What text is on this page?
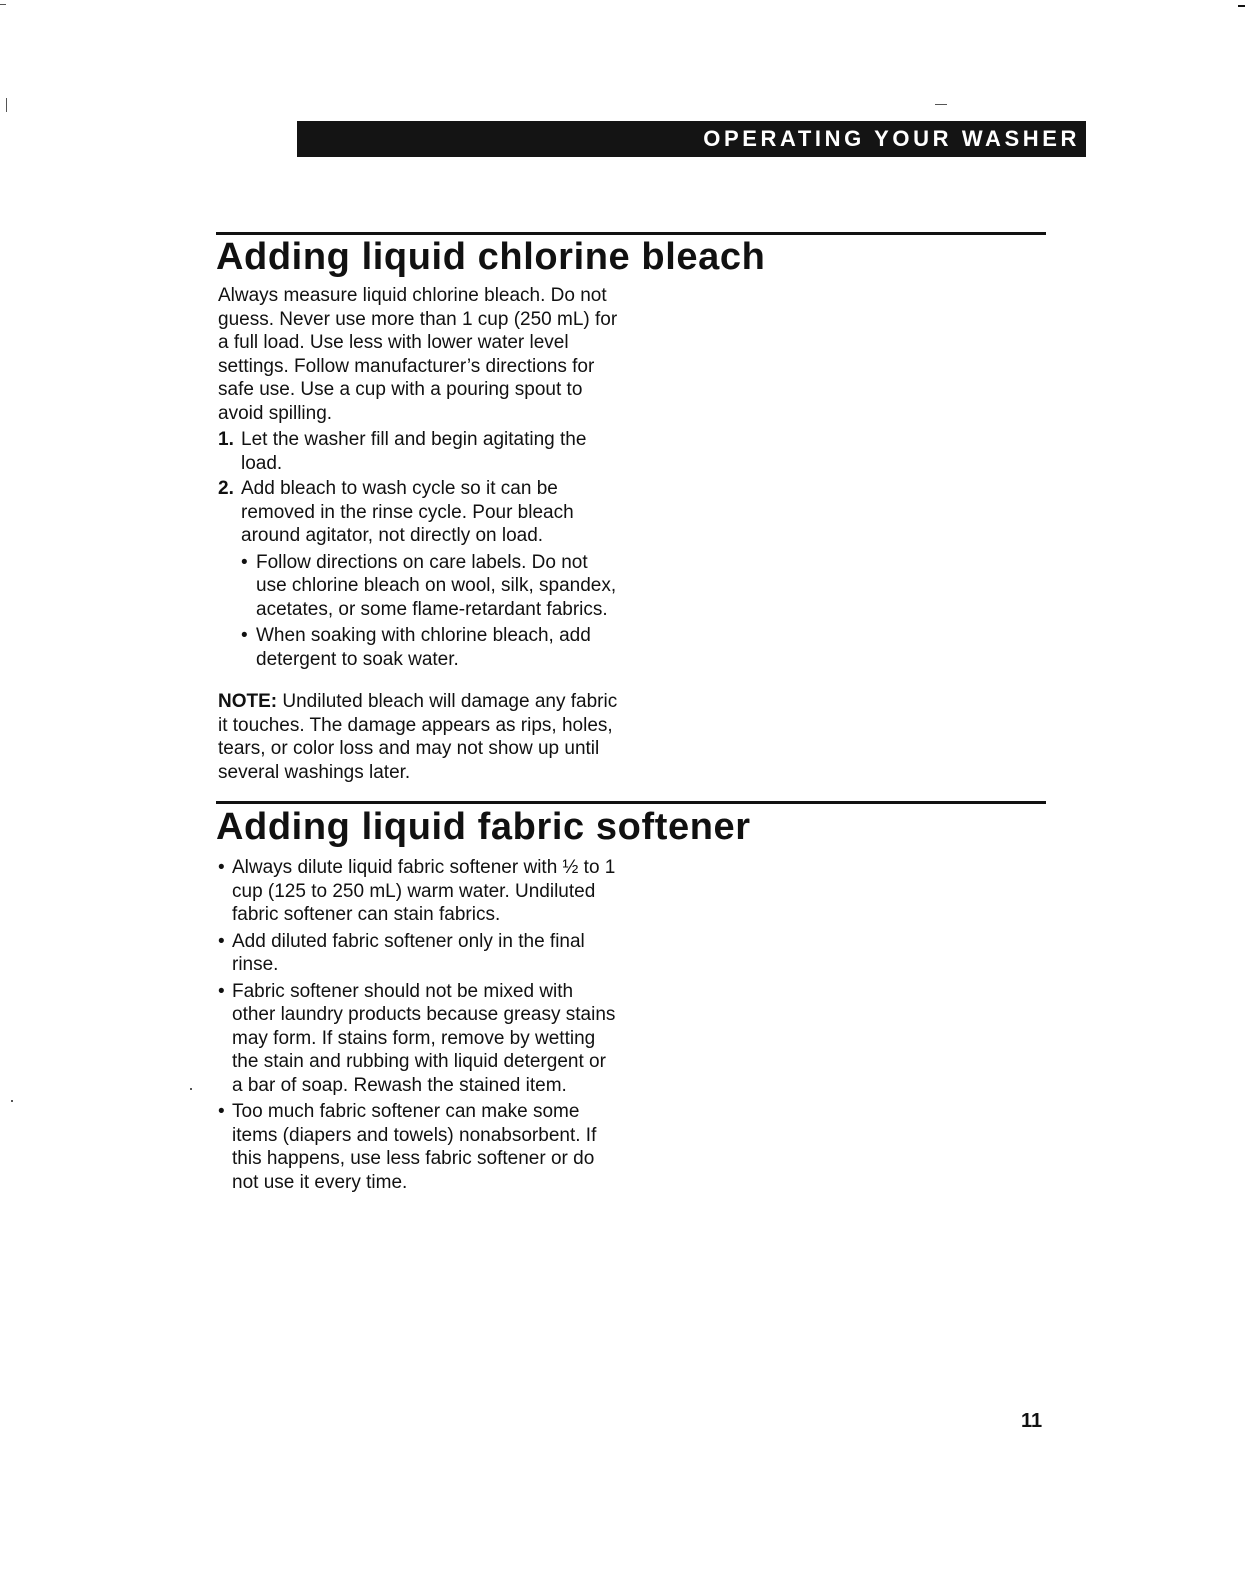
OPERATING YOUR WASHER
Adding liquid chlorine bleach

Always measure liquid chlorine bleach. Do not guess. Never use more than 1 cup (250 mL) for a full load. Use less with lower water level settings. Follow manufacturer’s directions for safe use. Use a cup with a pouring spout to avoid spilling.

1. Let the washer fill and begin agitating the load.
2. Add bleach to wash cycle so it can be removed in the rinse cycle. Pour bleach around agitator, not directly on load.
• Follow directions on care labels. Do not use chlorine bleach on wool, silk, spandex, acetates, or some flame-retardant fabrics.
• When soaking with chlorine bleach, add detergent to soak water.

NOTE: Undiluted bleach will damage any fabric it touches. The damage appears as rips, holes, tears, or color loss and may not show up until several washings later.

Adding liquid fabric softener
• Always dilute liquid fabric softener with ½ to 1 cup (125 to 250 mL) warm water. Undiluted fabric softener can stain fabrics.
• Add diluted fabric softener only in the final rinse.
• Fabric softener should not be mixed with other laundry products because greasy stains may form. If stains form, remove by wetting the stain and rubbing with liquid detergent or a bar of soap. Rewash the stained item.
• Too much fabric softener can make some items (diapers and towels) nonabsorbent. If this happens, use less fabric softener or do not use it every time.
11
